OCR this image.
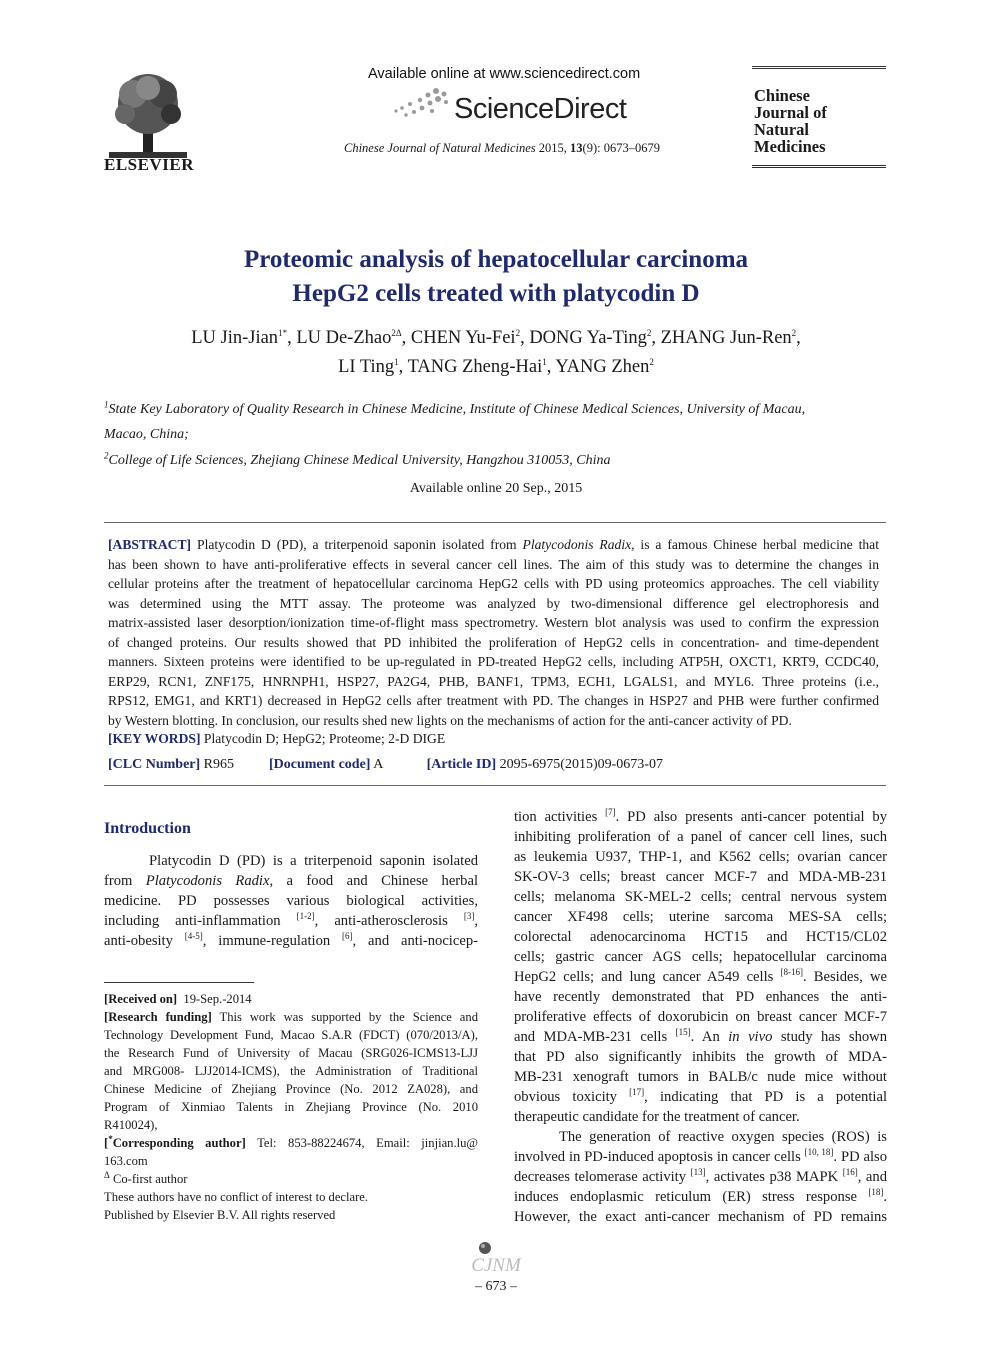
ELSEVIER
Available online at www.sciencedirect.com
ScienceDirect
Chinese Journal of Natural Medicines 2015, 13(9): 0673–0679
Chinese
Journal of
Natural
Medicines
Proteomic analysis of hepatocellular carcinoma
HepG2 cells treated with platycodin D
LU Jin-Jian$^{1*}$, LU De-Zhao$^{2\Delta}$, CHEN Yu-Fei$^2$, DONG Ya-Ting$^2$, ZHANG Jun-Ren$^2$,
LI Ting$^1$, TANG Zheng-Hai$^1$, YANG Zhen$^2$
$^1$State Key Laboratory of Quality Research in Chinese Medicine, Institute of Chinese Medical Sciences, University of Macau,
Macao, China;
$^2$College of Life Sciences, Zhejiang Chinese Medical University, Hangzhou 310053, China
Available online 20 Sep., 2015
[ABSTRACT] Platycodin D (PD), a triterpenoid saponin isolated from Platycodonis Radix, is a famous Chinese herbal medicine that
has been shown to have anti-proliferative effects in several cancer cell lines. The aim of this study was to determine the changes in
cellular proteins after the treatment of hepatocellular carcinoma HepG2 cells with PD using proteomics approaches. The cell viability
was determined using the MTT assay. The proteome was analyzed by two-dimensional difference gel electrophoresis and
matrix-assisted laser desorption/ionization time-of-flight mass spectrometry. Western blot analysis was used to confirm the expression
of changed proteins. Our results showed that PD inhibited the proliferation of HepG2 cells in concentration- and time-dependent
manners. Sixteen proteins were identified to be up-regulated in PD-treated HepG2 cells, including ATP5H, OXCT1, KRT9, CCDC40,
ERP29, RCN1, ZNF175, HNRNPH1, HSP27, PA2G4, PHB, BANF1, TPM3, ECH1, LGALS1, and MYL6. Three proteins (i.e.,
RPS12, EMG1, and KRT1) decreased in HepG2 cells after treatment with PD. The changes in HSP27 and PHB were further confirmed
by Western blotting. In conclusion, our results shed new lights on the mechanisms of action for the anti-cancer activity of PD.
[KEY WORDS] Platycodin D; HepG2; Proteome; 2-D DIGE
[CLC Number] R965	[Document code] A	[Article ID] 2095-6975(2015)09-0673-07
Introduction
Platycodin D (PD) is a triterpenoid saponin isolated
from Platycodonis Radix, a food and Chinese herbal
medicine. PD possesses various biological activities,
including anti-inflammation [1-2], anti-atherosclerosis [3],
anti-obesity [4-5], immune-regulation [6], and anti-nocicep-
tion activities [7]. PD also presents anti-cancer potential by
inhibiting proliferation of a panel of cancer cell lines, such
as leukemia U937, THP-1, and K562 cells; ovarian cancer
SK-OV-3 cells; breast cancer MCF-7 and MDA-MB-231
cells; melanoma SK-MEL-2 cells; central nervous system
cancer XF498 cells; uterine sarcoma MES-SA cells;
colorectal adenocarcinoma HCT15 and HCT15/CL02
cells; gastric cancer AGS cells; hepatocellular carcinoma
HepG2 cells; and lung cancer A549 cells [8-16]. Besides, we
have recently demonstrated that PD enhances the anti-
proliferative effects of doxorubicin on breast cancer MCF-7
and MDA-MB-231 cells [15]. An in vivo study has shown
that PD also significantly inhibits the growth of MDA-
MB-231 xenograft tumors in BALB/c nude mice without
obvious toxicity [17], indicating that PD is a potential
therapeutic candidate for the treatment of cancer.
The generation of reactive oxygen species (ROS) is
involved in PD-induced apoptosis in cancer cells [10, 18]. PD also
decreases telomerase activity [13], activates p38 MAPK [16], and
induces endoplasmic reticulum (ER) stress response [18].
However, the exact anti-cancer mechanism of PD remains
[Received on]  19-Sep.-2014
[Research funding] This work was supported by the Science and
Technology Development Fund, Macao S.A.R (FDCT) (070/2013/A),
the Research Fund of University of Macau (SRG026-ICMS13-LJJ
and MRG008- LJJ2014-ICMS), the Administration of Traditional
Chinese Medicine of Zhejiang Province (No. 2012 ZA028), and
Program of Xinmiao Talents in Zhejiang Province (No. 2010
R410024),
[*Corresponding author] Tel: 853-88224674, Email: jinjian.lu@
163.com
$^\Delta$ Co-first author
These authors have no conflict of interest to declare.
Published by Elsevier B.V. All rights reserved
CJNM
– 673 –
